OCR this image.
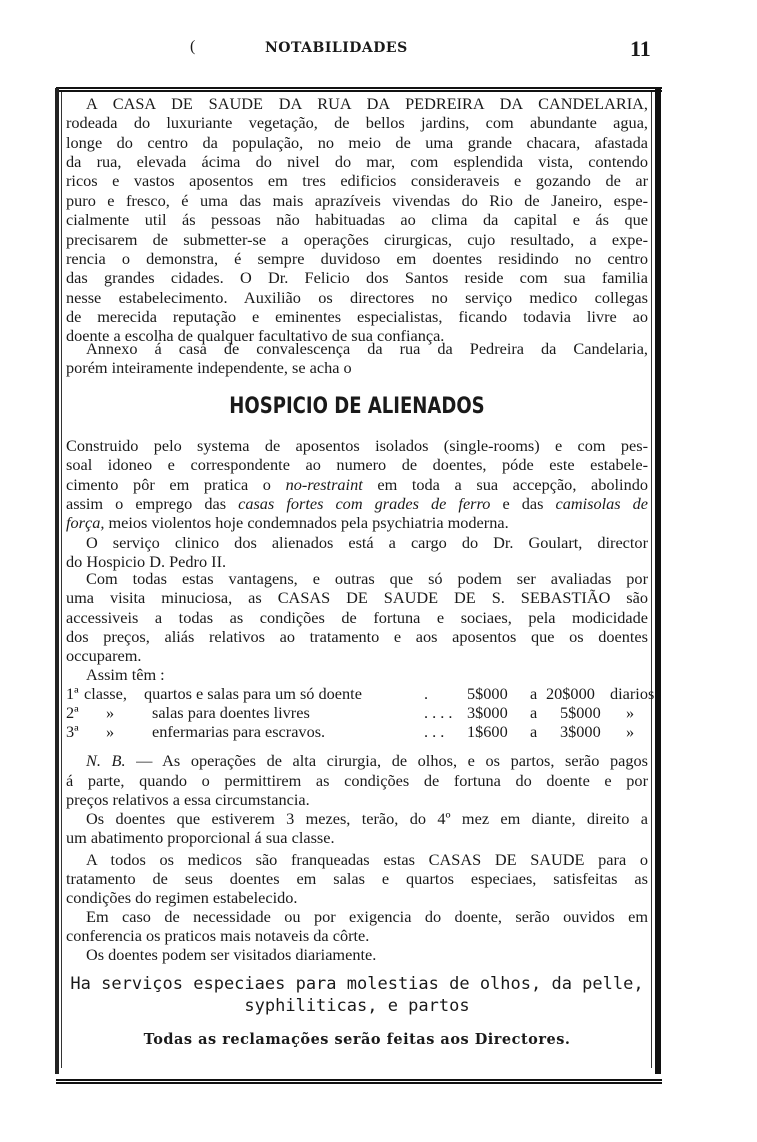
(	NOTABILIDADES	11
A CASA DE SAUDE DA RUA DA PEDREIRA DA CANDELARIA,
rodeada do luxuriante vegetação, de bellos jardins, com abundante agua,
longe do centro da população, no meio de uma grande chacara, afastada
da rua, elevada ácima do nivel do mar, com esplendida vista, contendo
ricos e vastos aposentos em tres edificios consideraveis e gozando de ar
puro e fresco, é uma das mais aprazíveis vivendas do Rio de Janeiro, espe-
cialmente util ás pessoas não habituadas ao clima da capital e ás que
precisarem de submetter-se a operações cirurgicas, cujo resultado, a expe-
rencia o demonstra, é sempre duvidoso em doentes residindo no centro
das grandes cidades. O Dr. Felicio dos Santos reside com sua familia
nesse estabelecimento. Auxilião os directores no serviço medico collegas
de merecida reputação e eminentes especialistas, ficando todavia livre ao
doente a escolha de qualquer facultativo de sua confiança.
Annexo á casa de convalescença da rua da Pedreira da Candelaria,
porém inteiramente independente, se acha o
Construido pelo systema de aposentos isolados (single-rooms) e com pes-
soal idoneo e correspondente ao numero de doentes, póde este estabele-
cimento pôr em pratica o no-restraint em toda a sua accepção, abolindo
assim o emprego das casas fortes com grades de ferro e das camisolas de
força, meios violentos hoje condemnados pela psychiatria moderna.
O serviço clinico dos alienados está a cargo do Dr. Goulart, director
do Hospicio D. Pedro II.
Com todas estas vantagens, e outras que só podem ser avaliadas por
uma visita minuciosa, as CASAS DE SAUDE DE S. SEBASTIÃO são
accessiveis a todas as condições de fortuna e sociaes, pela modicidade
dos preços, aliás relativos ao tratamento e aos aposentos que os doentes
occuparem.
Assim têm :
N. B. — As operações de alta cirurgia, de olhos, e os partos, serão pagos
á parte, quando o permittirem as condições de fortuna do doente e por
preços relativos a essa circumstancia.
Os doentes que estiverem 3 mezes, terão, do 4º mez em diante, direito a
um abatimento proporcional á sua classe.
A todos os medicos são franqueadas estas CASAS DE SAUDE para o
tratamento de seus doentes em salas e quartos especiaes, satisfeitas as
condições do regimen estabelecido.
Em caso de necessidade ou por exigencia do doente, serão ouvidos em
conferencia os praticos mais notaveis da côrte.
Os doentes podem ser visitados diariamente.
HOSPICIO DE ALIENADOS
1ª classe, quartos e salas para um só doente	. 5$000 a 20$000 diarios
2ª » salas para doentes livres	. . . . 3$000 a 5$000 »
3ª » enfermarias para escravos.	. . . 1$600 a 3$000 »
Ha serviços especiaes para molestias de olhos, da pelle,
syphiliticas, e partos
Todas as reclamações serão feitas aos Directores.
